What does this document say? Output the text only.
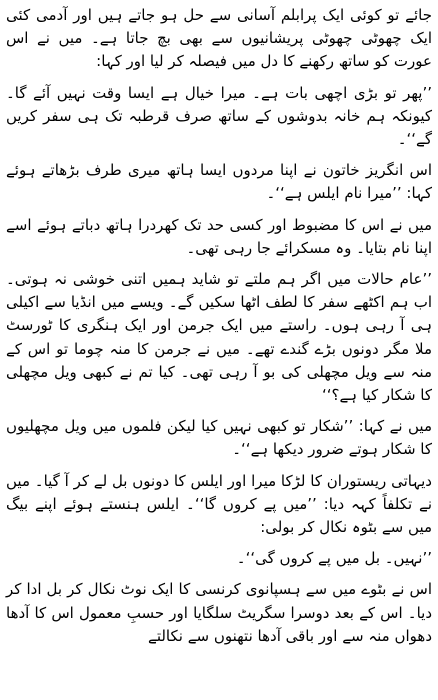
جائے تو کوئی ایک پرابلم آسانی سے حل ہو جاتے ہیں اور آدمی کئی ایک چھوٹی چھوٹی پریشانیوں سے بھی بچ جاتا ہے۔ میں نے اس عورت کو ساتھ رکھنے کا دل میں فیصلہ کر لیا اور کہا:

’’پھر تو بڑی اچھی بات ہے۔ میرا خیال ہے ایسا وقت نہیں آئے گا۔ کیونکہ ہم خانہ بدوشوں کے ساتھ صرف قرطبہ تک ہی سفر کریں گے‘‘۔

اس انگریز خاتون نے اپنا مردوں ایسا ہاتھ میری طرف بڑھاتے ہوئے کہا: ’’میرا نام ایلس ہے‘‘۔

میں نے اس کا مضبوط اور کسی حد تک کھردرا ہاتھ دباتے ہوئے اسے اپنا نام بتایا۔ وہ مسکرائے جا رہی تھی۔

’’عام حالات میں اگر ہم ملتے تو شاید ہمیں اتنی خوشی نہ ہوتی۔ اب ہم اکٹھے سفر کا لطف اٹھا سکیں گے۔ ویسے میں انڈیا سے اکیلی ہی آ رہی ہوں۔ راستے میں ایک جرمن اور ایک ہنگری کا ٹورسٹ ملا مگر دونوں بڑے گندے تھے۔ میں نے جرمن کا منہ چوما تو اس کے منہ سے ویل مچھلی کی بو آ رہی تھی۔ کیا تم نے کبھی ویل مچھلی کا شکار کیا ہے؟‘‘

میں نے کہا: ’’شکار تو کبھی نہیں کیا لیکن فلموں میں ویل مچھلیوں کا شکار ہوتے ضرور دیکھا ہے‘‘۔

دیہاتی ریستوران کا لڑکا میرا اور ایلس کا دونوں بل لے کر آ گیا۔ میں نے تکلفاً کہہ دیا: ’’میں پے کروں گا‘‘۔ ایلس ہنستے ہوئے اپنے بیگ میں سے بٹوہ نکال کر بولی:

’’نہیں۔ بل میں پے کروں گی‘‘۔

اس نے بٹوے میں سے ہسپانوی کرنسی کا ایک نوٹ نکال کر بل ادا کر دیا۔ اس کے بعد دوسرا سگریٹ سلگایا اور حسبِ معمول اس کا آدھا دھواں منہ سے اور باقی آدھا نتھنوں سے نکالتے
